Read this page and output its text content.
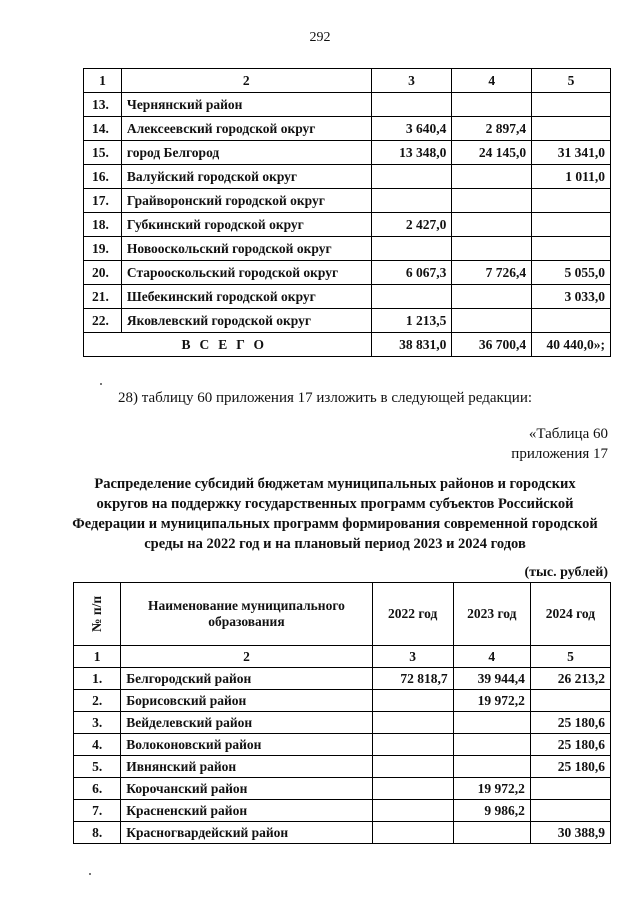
292
1	2	3	4	5
13.	Чернянский район			
14.	Алексеевский городской округ	3 640,4	2 897,4	
15.	город Белгород	13 348,0	24 145,0	31 341,0
16.	Валуйский городской округ			1 011,0
17.	Грайворонский городской округ			
18.	Губкинский городской округ	2 427,0		
19.	Новооскольский городской округ			
20.	Старооскольский городской округ	6 067,3	7 726,4	5 055,0
21.	Шебекинский городской округ			3 033,0
22.	Яковлевский городской округ	1 213,5		
ВСЕГО		38 831,0	36 700,4	40 440,0»;
28) таблицу 60 приложения 17 изложить в следующей редакции:
«Таблица 60
приложения 17
Распределение субсидий бюджетам муниципальных районов и городских округов на поддержку государственных программ субъектов Российской Федерации и муниципальных программ формирования современной городской среды на 2022 год и на плановый период 2023 и 2024 годов
(тыс. рублей)
№ п/п	Наименование муниципального образования	2022 год	2023 год	2024 год
1	2	3	4	5
1.	Белгородский район	72 818,7	39 944,4	26 213,2
2.	Борисовский район		19 972,2	
3.	Вейделевский район			25 180,6
4.	Волоконовский район			25 180,6
5.	Ивнянский район			25 180,6
6.	Корочанский район		19 972,2	
7.	Красненский район		9 986,2	
8.	Красногвардейский район			30 388,9
